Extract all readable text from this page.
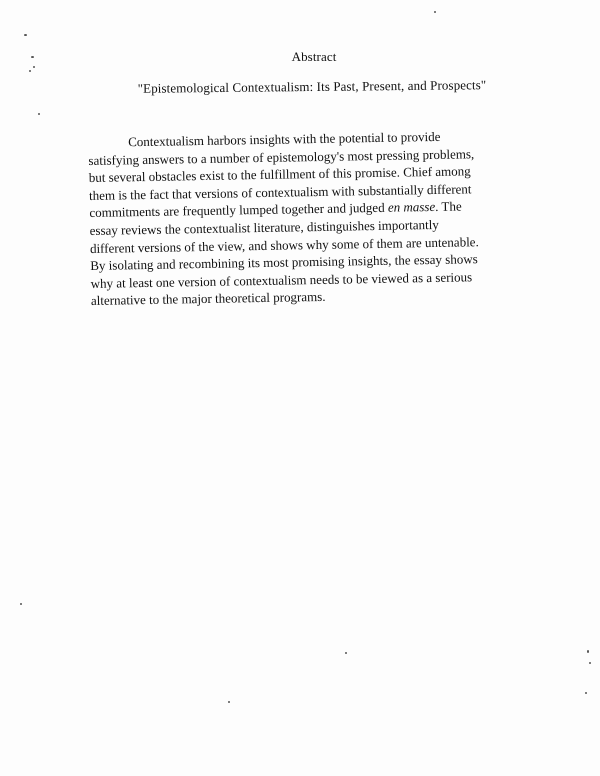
Abstract
"Epistemological Contextualism: Its Past, Present, and Prospects"
Contextualism harbors insights with the potential to provide
satisfying answers to a number of epistemology's most pressing problems,
but several obstacles exist to the fulfillment of this promise. Chief among
them is the fact that versions of contextualism with substantially different
commitments are frequently lumped together and judged en masse. The
essay reviews the contextualist literature, distinguishes importantly
different versions of the view, and shows why some of them are untenable.
By isolating and recombining its most promising insights, the essay shows
why at least one version of contextualism needs to be viewed as a serious
alternative to the major theoretical programs.
